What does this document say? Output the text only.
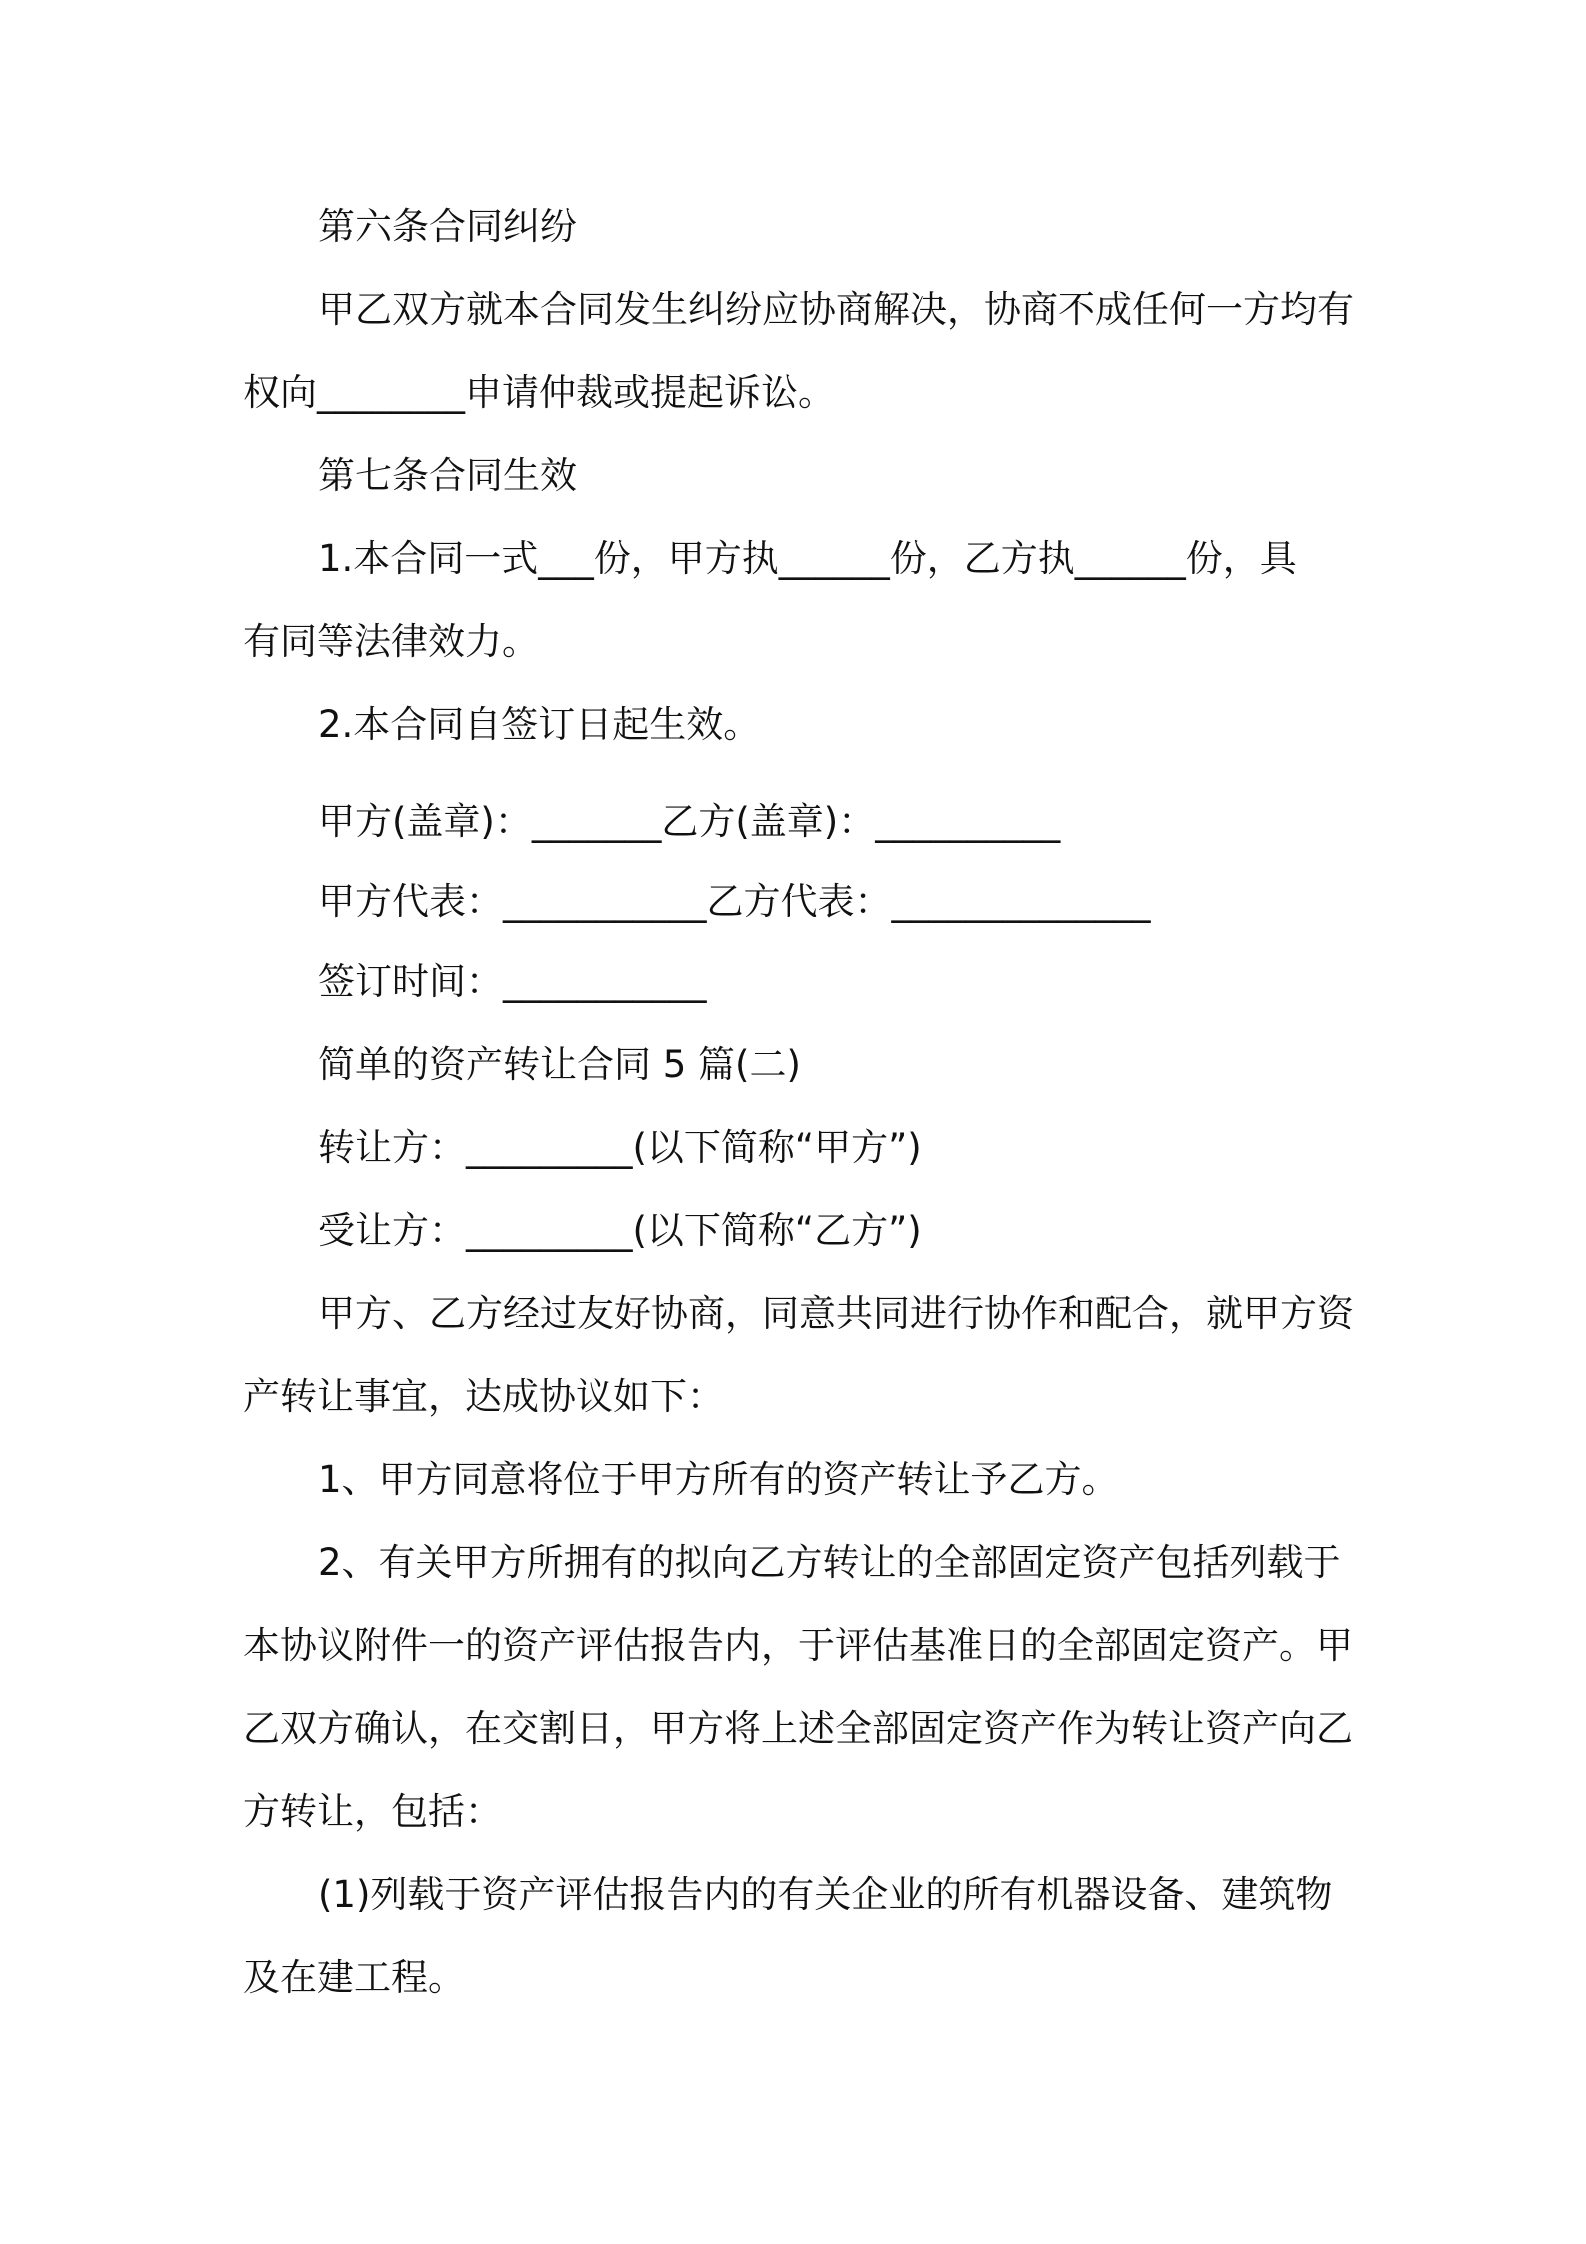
第六条合同纠纷
甲乙双方就本合同发生纠纷应协商解决，协商不成任何一方均有
权向________申请仲裁或提起诉讼。
第七条合同生效
1.本合同一式___份，甲方执______份，乙方执______份，具
有同等法律效力。
2.本合同自签订日起生效。
甲方(盖章)：_______乙方(盖章)：__________
甲方代表：___________乙方代表：______________
签订时间：___________
简单的资产转让合同 5 篇(二)
转让方：_________(以下简称“甲方”)
受让方：_________(以下简称“乙方”)
甲方、乙方经过友好协商，同意共同进行协作和配合，就甲方资
产转让事宜，达成协议如下：
1、甲方同意将位于甲方所有的资产转让予乙方。
2、有关甲方所拥有的拟向乙方转让的全部固定资产包括列载于
本协议附件一的资产评估报告内，于评估基准日的全部固定资产。甲
乙双方确认，在交割日，甲方将上述全部固定资产作为转让资产向乙
方转让，包括：
(1)列载于资产评估报告内的有关企业的所有机器设备、建筑物
及在建工程。
